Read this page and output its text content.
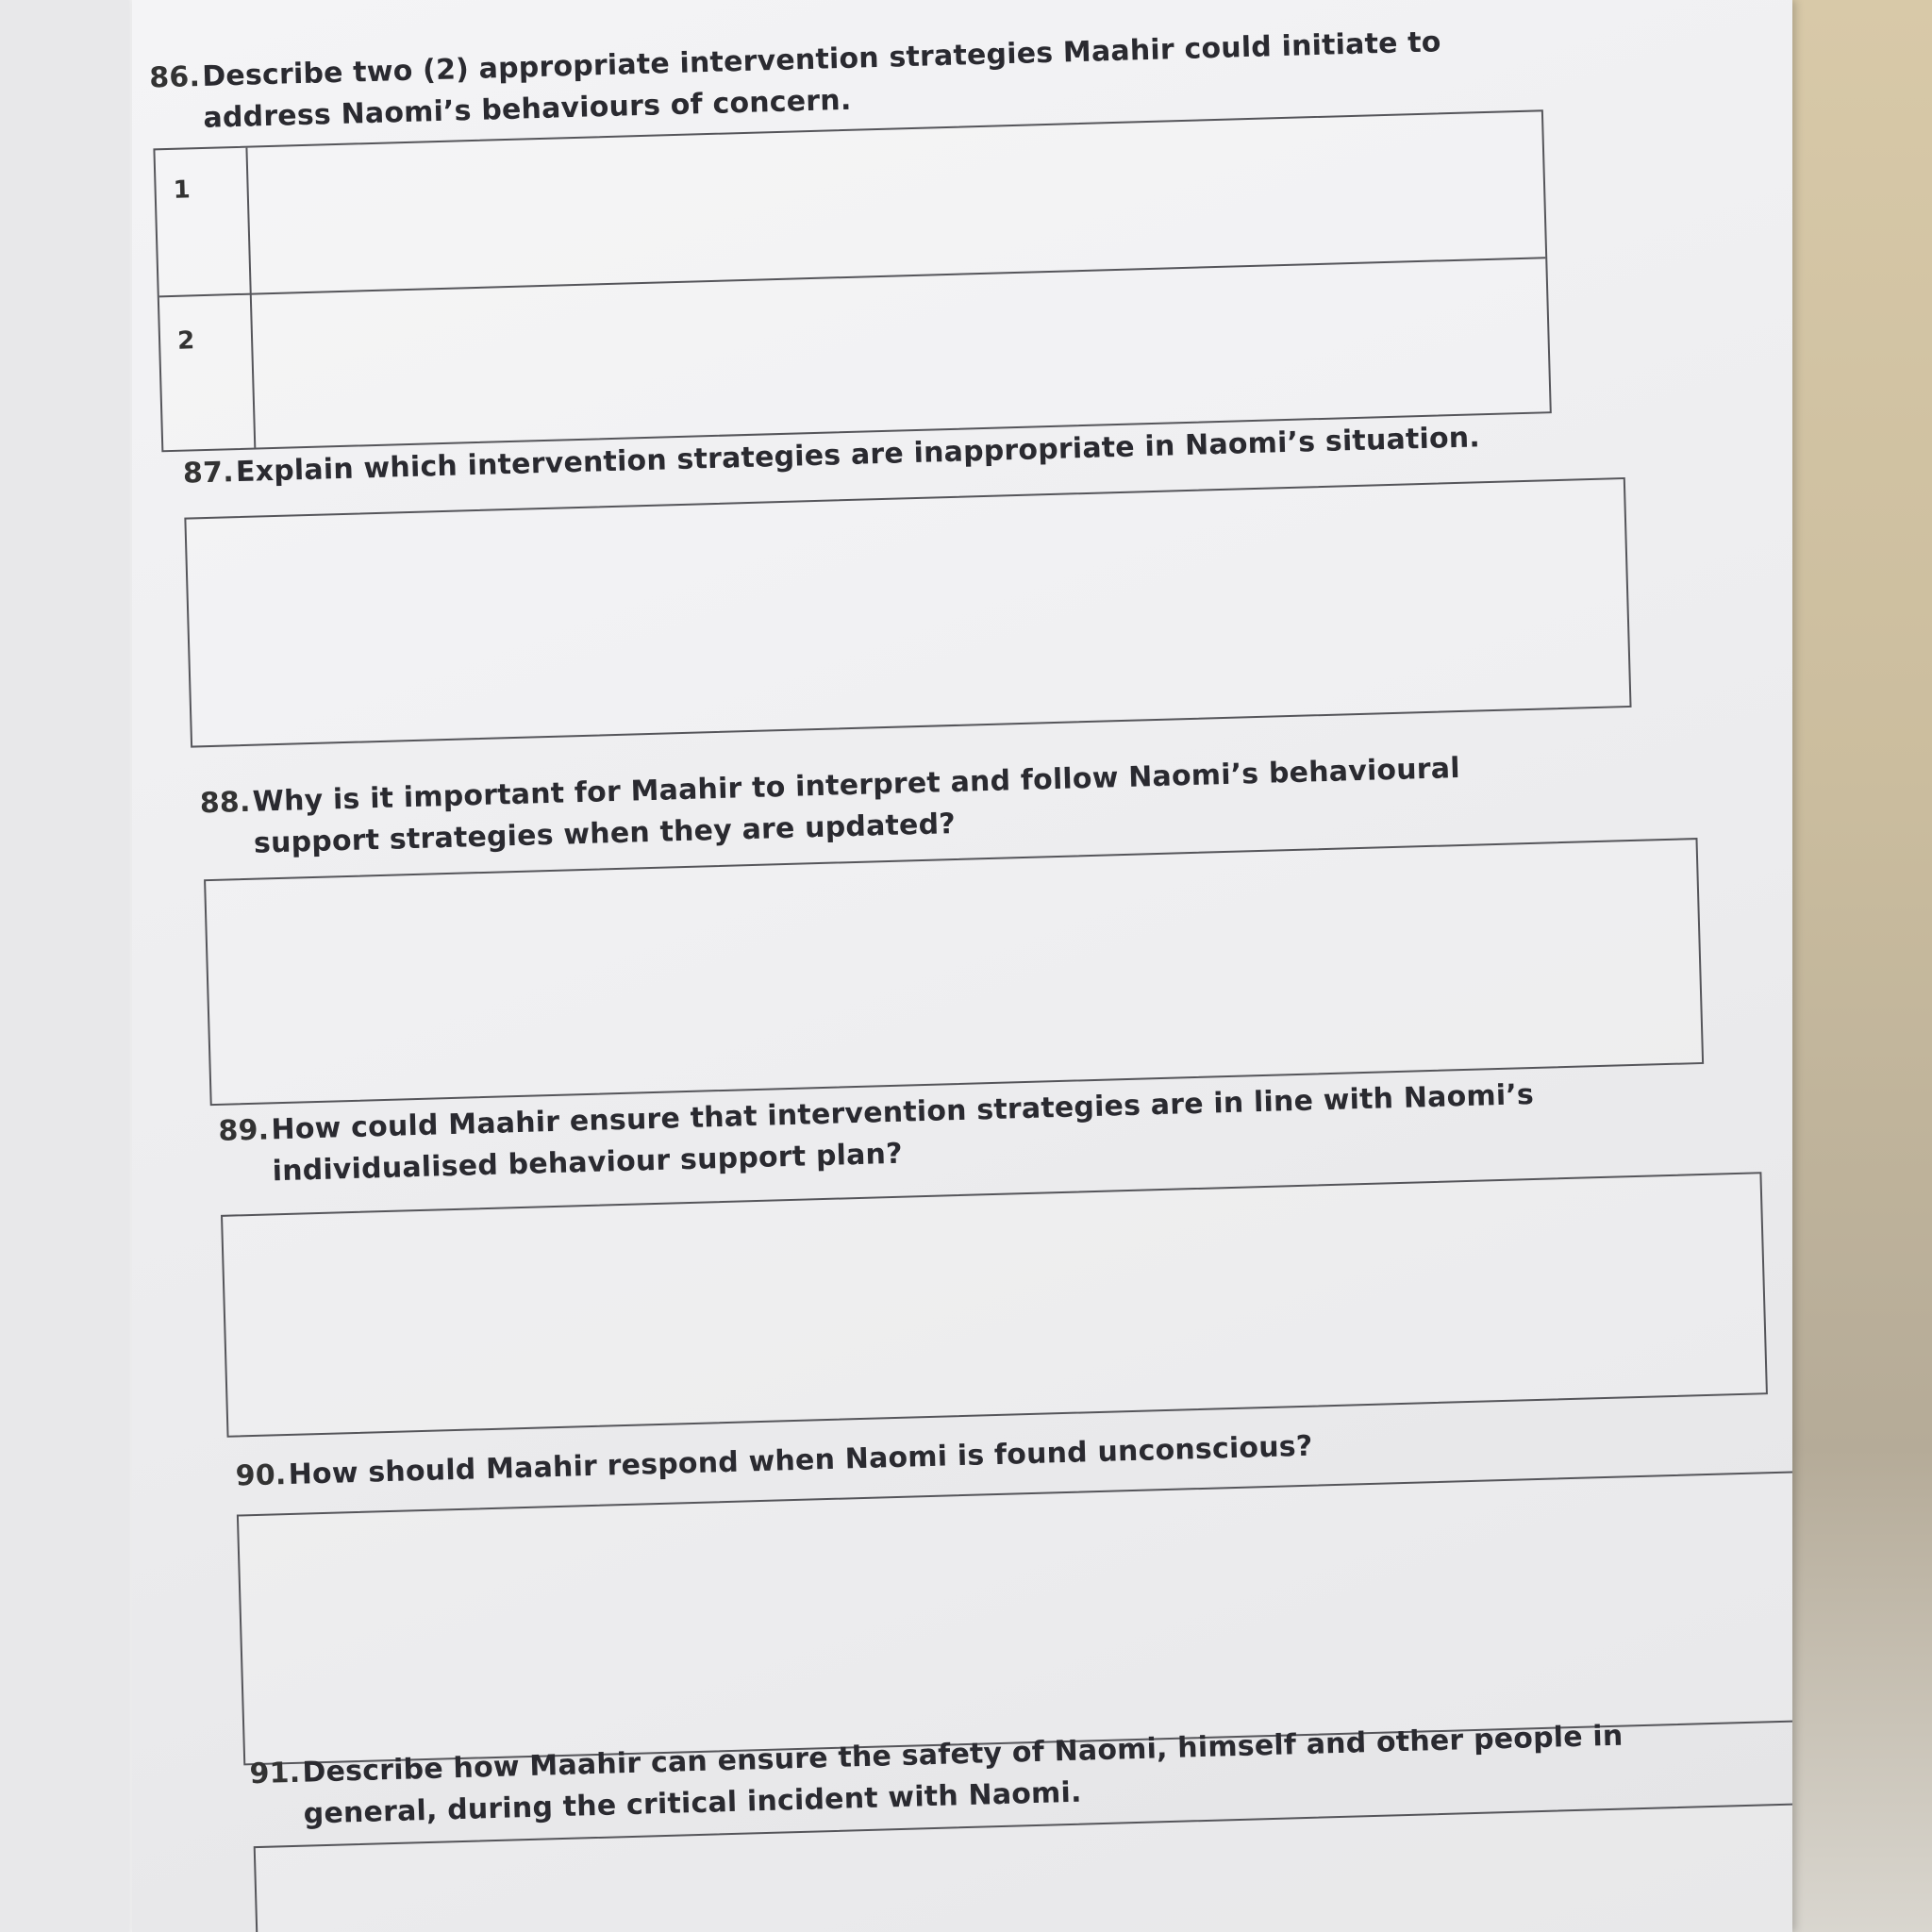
86.Describe two (2) appropriate intervention strategies Maahir could initiate to address Naomi’s behaviours of concern.
1
2
87.Explain which intervention strategies are inappropriate in Naomi’s situation.
88.Why is it important for Maahir to interpret and follow Naomi’s behavioural support strategies when they are updated?
89.How could Maahir ensure that intervention strategies are in line with Naomi’s individualised behaviour support plan?
90.How should Maahir respond when Naomi is found unconscious?
91.Describe how Maahir can ensure the safety of Naomi, himself and other people in general, during the critical incident with Naomi.
